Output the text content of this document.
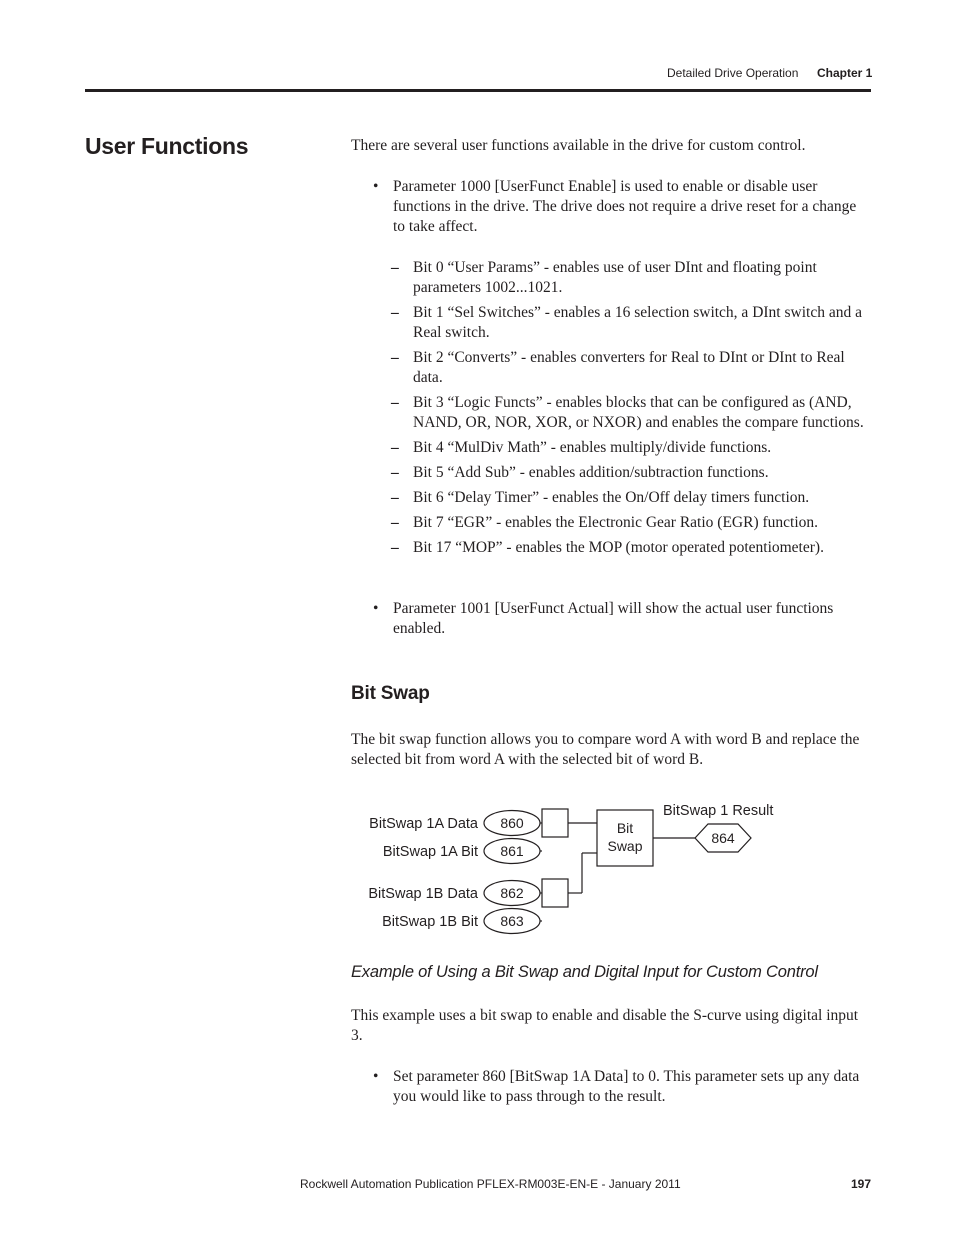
Detailed Drive Operation Chapter 1
User Functions	There are several user functions available in the drive for custom control.

• Parameter 1000 [UserFunct Enable] is used to enable or disable user functions in the drive. The drive does not require a drive reset for a change to take affect.
– Bit 0 “User Params” - enables use of user DInt and floating point parameters 1002...1021.
– Bit 1 “Sel Switches” - enables a 16 selection switch, a DInt switch and a Real switch.
– Bit 2 “Converts” - enables converters for Real to DInt or DInt to Real data.
– Bit 3 “Logic Functs” - enables blocks that can be configured as (AND, NAND, OR, NOR, XOR, or NXOR) and enables the compare functions.
– Bit 4 “MulDiv Math” - enables multiply/divide functions.
– Bit 5 “Add Sub” - enables addition/subtraction functions.
– Bit 6 “Delay Timer” - enables the On/Off delay timers function.
– Bit 7 “EGR” - enables the Electronic Gear Ratio (EGR) function.
– Bit 17 “MOP” - enables the MOP (motor operated potentiometer).
• Parameter 1001 [UserFunct Actual] will show the actual user functions enabled.
Bit Swap

The bit swap function allows you to compare word A with word B and replace the selected bit from word A with the selected bit of word B.

BitSwap 1A Data
BitSwap 1A Bit
BitSwap 1B Data
BitSwap 1B Bit
860
861
862
863
Bit
Swap
BitSwap 1 Result
864
Example of Using a Bit Swap and Digital Input for Custom Control

This example uses a bit swap to enable and disable the S-curve using digital input 3.

• Set parameter 860 [BitSwap 1A Data] to 0. This parameter sets up any data you would like to pass through to the result.
Rockwell Automation Publication PFLEX-RM003E-EN-E - January 2011	197
